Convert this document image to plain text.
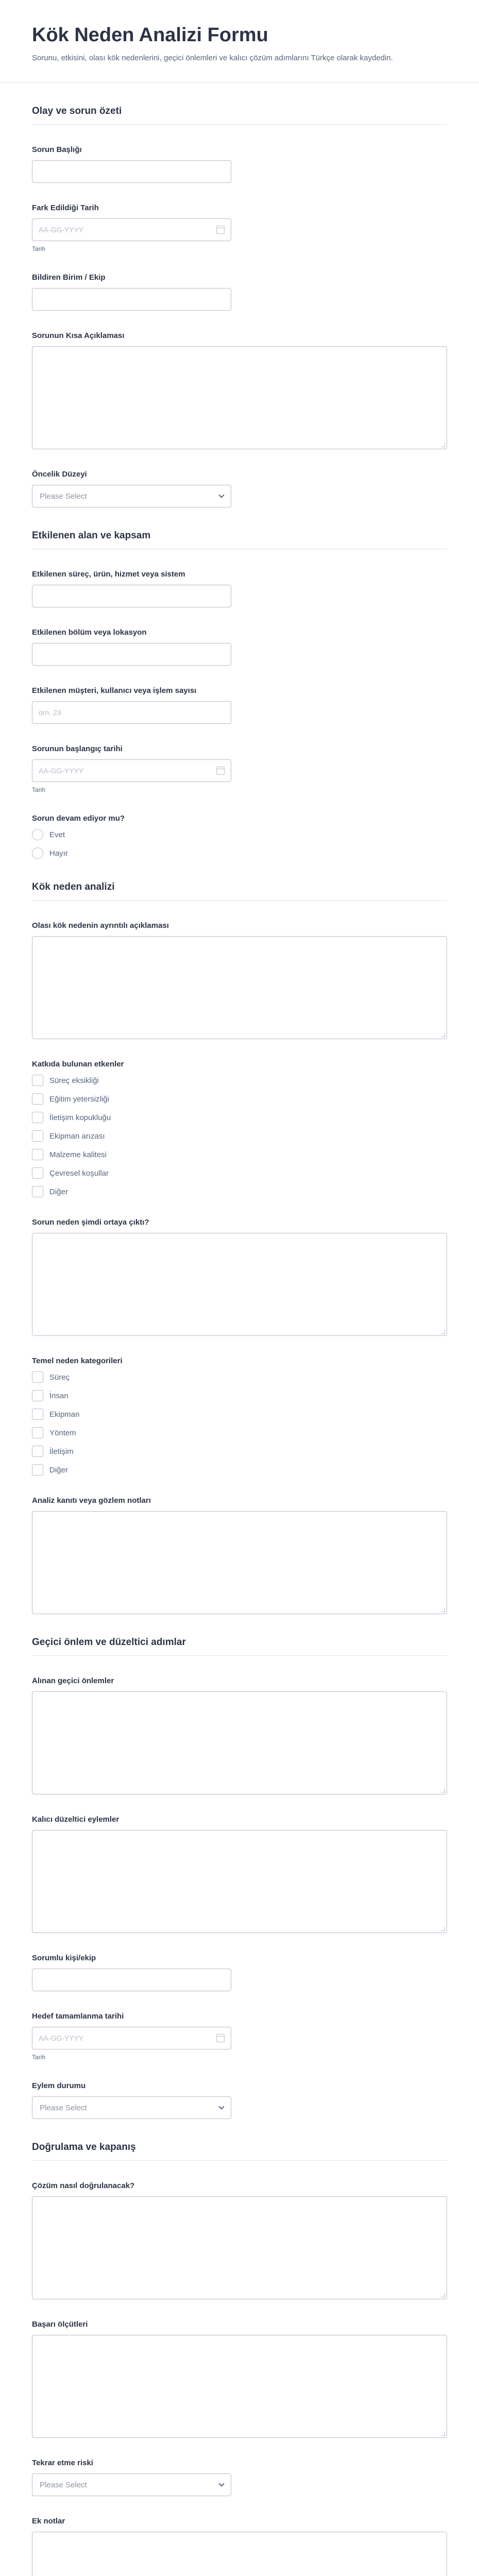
Kök Neden Analizi Formu

Sorunu, etkisini, olası kök nedenlerini, geçici önlemleri ve kalıcı çözüm adımlarını Türkçe olarak kaydedin.

Olay ve sorun özeti
Sorun Başlığı
Fark Edildiği Tarih
AA-GG-YYYY
Tarih
Bildiren Birim / Ekip
Sorunun Kısa Açıklaması
Öncelik Düzeyi
Please Select
Etkilenen alan ve kapsam
Etkilenen süreç, ürün, hizmet veya sistem
Etkilenen bölüm veya lokasyon
Etkilenen müşteri, kullanıcı veya işlem sayısı
örn. 23
Sorunun başlangıç tarihi
AA-GG-YYYY
Tarih
Sorun devam ediyor mu?
Evet
Hayır
Kök neden analizi
Olası kök nedenin ayrıntılı açıklaması
Katkıda bulunan etkenler
Süreç eksikliği
Eğitim yetersizliği
İletişim kopukluğu
Ekipman arızası
Malzeme kalitesi
Çevresel koşullar
Diğer
Sorun neden şimdi ortaya çıktı?
Temel neden kategorileri
Süreç
İnsan
Ekipman
Yöntem
İletişim
Diğer
Analiz kanıtı veya gözlem notları
Geçici önlem ve düzeltici adımlar
Alınan geçici önlemler
Kalıcı düzeltici eylemler
Sorumlu kişi/ekip
Hedef tamamlanma tarihi
AA-GG-YYYY
Tarih
Eylem durumu
Please Select
Doğrulama ve kapanış
Çözüm nasıl doğrulanacak?
Başarı ölçütleri
Tekrar etme riski
Please Select
Ek notlar
